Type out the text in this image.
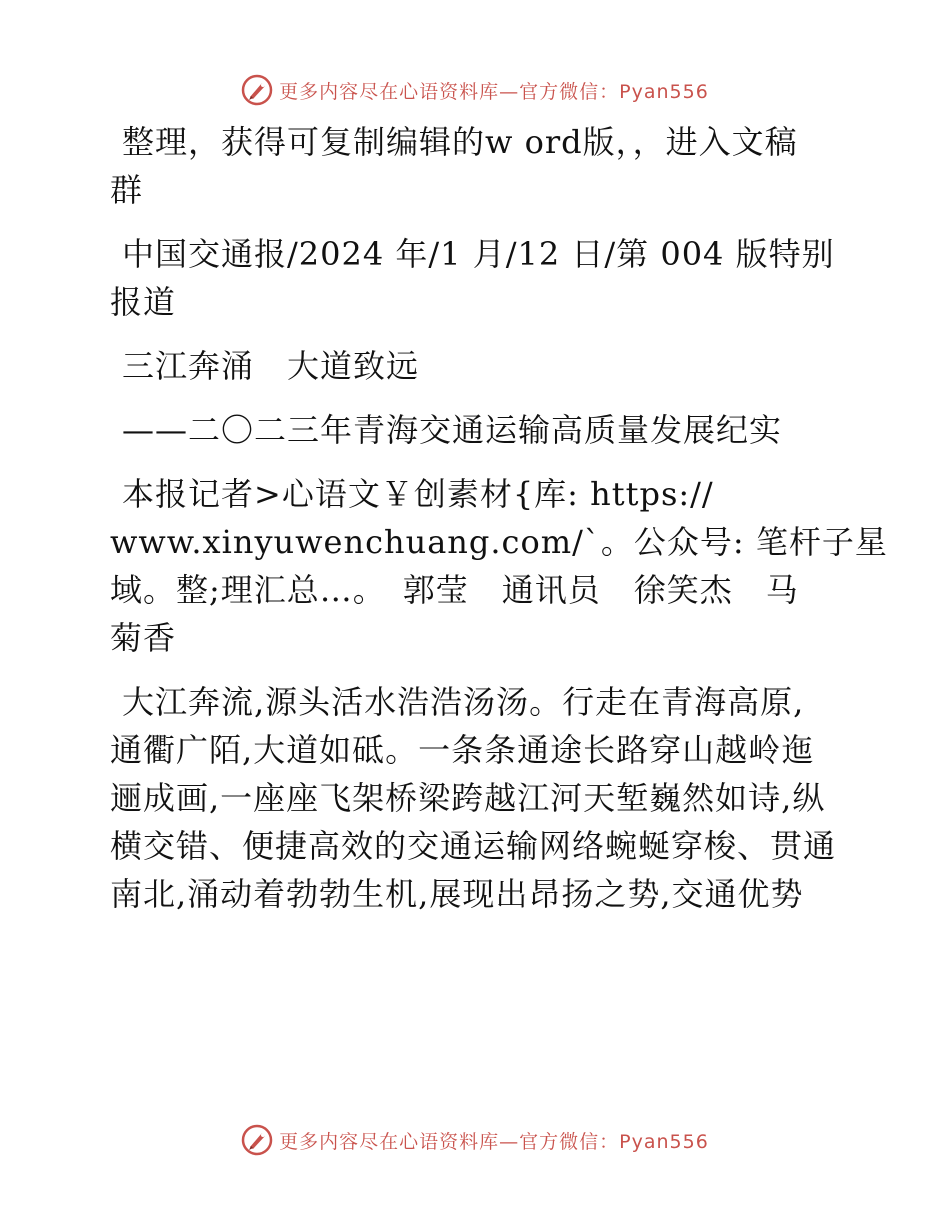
更多内容尽在心语资料库—官方微信：Pyan556
整理，获得可复制编辑的w ord版，，进入文稿
群
中国交通报/2024 年/1 月/12 日/第 004 版特别
报道
三江奔涌　大道致远
——二〇二三年青海交通运输高质量发展纪实
本报记者>心语文￥创素材{库: https://
www.xinyuwenchuang.com/`。公众号: 笔杆子星
域。整;理汇总…。　郭莹　通讯员　徐笑杰　马
菊香
大江奔流,源头活水浩浩汤汤。行走在青海高原,
通衢广陌,大道如砥。一条条通途长路穿山越岭迤
逦成画,一座座飞架桥梁跨越江河天堑巍然如诗,纵
横交错、便捷高效的交通运输网络蜿蜒穿梭、贯通
南北,涌动着勃勃生机,展现出昂扬之势,交通优势
更多内容尽在心语资料库—官方微信：Pyan556
